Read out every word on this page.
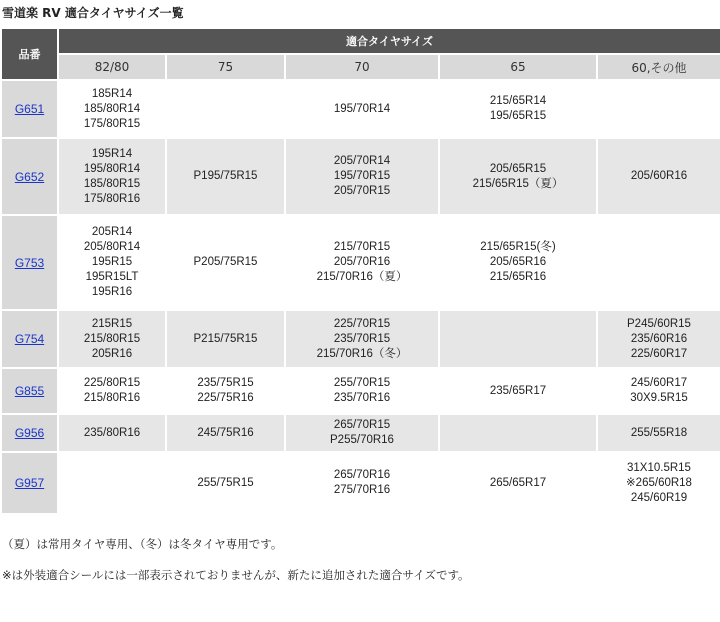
雪道楽 RV 適合タイヤサイズ一覧
品番	適合タイヤサイズ				
	82/80	75	70	65	60,その他
G651	185R14
185/80R14
175/80R15		195/70R14	215/65R14
195/65R15	

G652	195R14
195/80R14
185/80R15
175/80R16	P195/75R15	205/70R14
195/70R15
205/70R15	205/65R15
215/65R15（夏）	205/60R16

G753	205R14
205/80R14
195R15
195R15LT
195R16	P205/75R15	215/70R15
205/70R16
215/70R16（夏）	215/65R15(冬)
205/65R16
215/65R16	

G754	215R15
215/80R15
205R16	P215/75R15	225/70R15
235/70R15
215/70R16（冬）		P245/60R15
235/60R16
225/60R17

G855	225/80R15
215/80R16	235/75R15
225/75R16	255/70R15
235/70R16	235/65R17	245/60R17
30X9.5R15

G956	235/80R16	245/75R16	265/70R15
P255/70R16		255/55R18

G957		255/75R15	265/70R16
275/70R16	265/65R17	31X10.5R15
※265/60R18
245/60R19
（夏）は常用タイヤ専用、（冬）は冬タイヤ専用です。
※は外装適合シールには一部表示されておりませんが、新たに追加された適合サイズです。
